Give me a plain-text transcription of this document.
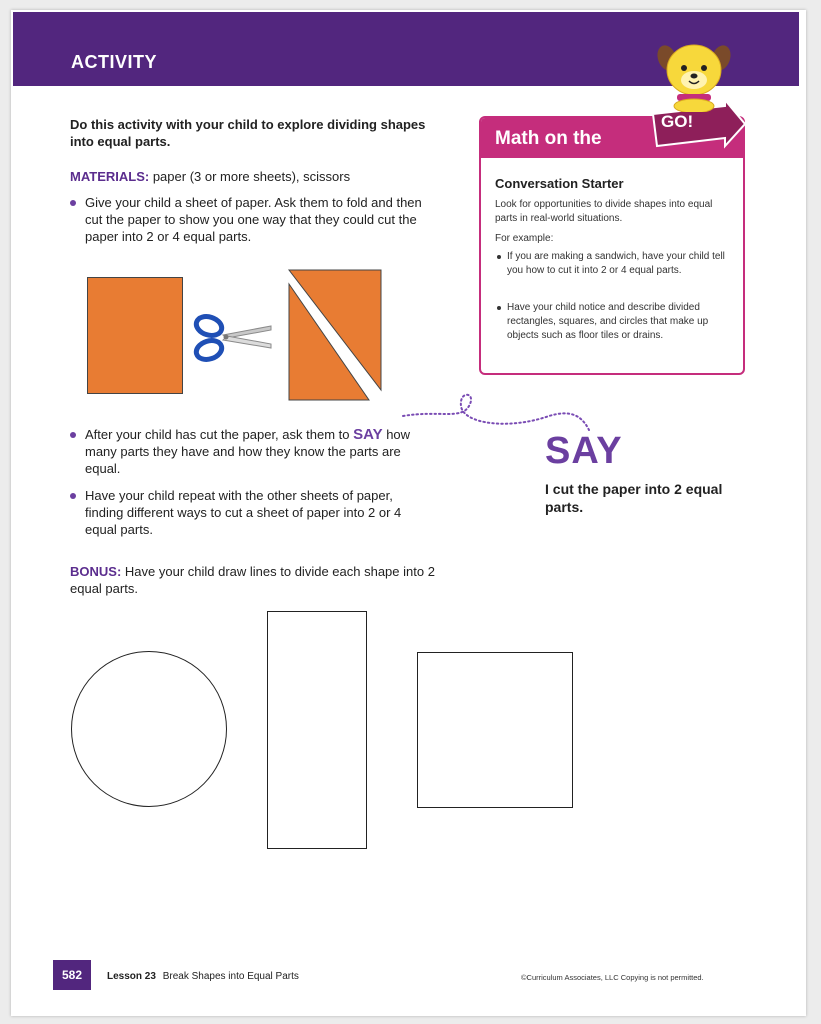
ACTIVITY
Do this activity with your child to explore dividing shapes into equal parts.
MATERIALS: paper (3 or more sheets), scissors
Give your child a sheet of paper. Ask them to fold and then cut the paper to show you one way that they could cut the paper into 2 or 4 equal parts.
After your child has cut the paper, ask them to SAY how many parts they have and how they know the parts are equal.
Have your child repeat with the other sheets of paper, finding different ways to cut a sheet of paper into 2 or 4 equal parts.
BONUS: Have your child draw lines to divide each shape into 2 equal parts.
Math on the
GO!
Conversation Starter
Look for opportunities to divide shapes into equal parts in real-world situations.
For example:
If you are making a sandwich, have your child tell you how to cut it into 2 or 4 equal parts.
Have your child notice and describe divided rectangles, squares, and circles that make up objects such as floor tiles or drains.
SAY
I cut the paper into 2 equal parts.
582	Lesson 23 Break Shapes into Equal Parts	©Curriculum Associates, LLC Copying is not permitted.
